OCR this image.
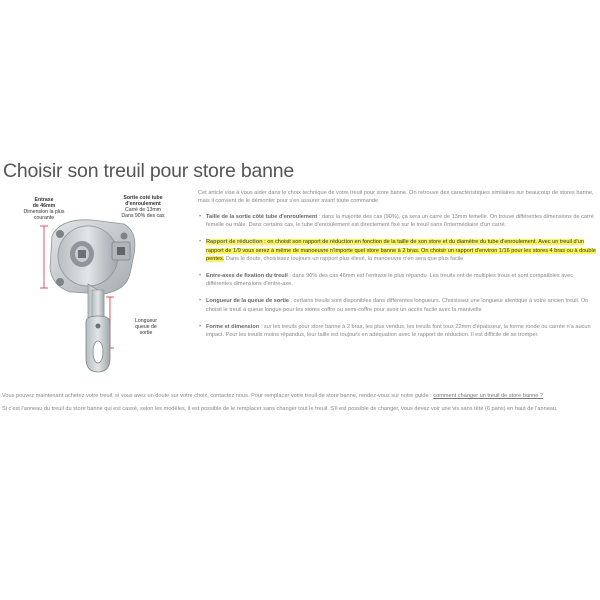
Choisir son treuil pour store banne
Entraxe
de 46mm
Dimension la plus
courante
Sortie coté tube
d'enroulement
Carré de 13mm
Dans 90% des cas
Longueur
queue de
sortie

Cet article vise à vous aider dans le choix technique de votre treuil pour store banne. On retrouve des caractéristiques similaires sur beaucoup de stores banne, mais il convient de le démonter pour s'en assurer avant toute commande

• Taille de la sortie côté tube d'enroulement : dans la majorité des cas (90%), ça sera un carré de 13mm femelle. On trouve différentes dimensions de carré femelle ou mâle. Dans certains cas, le tube d'enroulement est directement fixé sur le treuil sans l'intermédiaire d'un carré.
• Rapport de réduction : on choisit son rapport de réduction en fonction de la taille de son store et du diamètre du tube d'enroulement. Avec un treuil d'un rapport de 1/9 vous serez à même de manoeuvre n'importe quel store banne à 2 bras. On choisir un rapport d'environ 1/16 pour les stores 4 bras ou à double pentes. Dans le doute, choisissez toujours un rapport plus élevé, la manoeuvre n'en sera que plus facile
• Entre-axes de fixation du treuil : dans 90% des cas 46mm est l'entraxe le plus répandu. Les treuils ont de multiples trous et sont compatibles avec différentes dimensions d'entre-axe.
• Longueur de la queue de sortie : certains treuils sont disponibles dans différentes longueurs. Choisissez une longueur identique à votre ancien treuil. On choisit le treuil à queue longue pour les stores coffre ou semi-coffre pour avoir un accès facile avec la manivelle
• Forme et dimension : sur les treuils pour store banne à 2 bras, les plus vendus, les treuils font tous 22mm d'épaisseur, la forme ronde ou carrée n'a aucun impact. Pour les treuils moins répandus, leur taille est toujours en adéquation avec le rapport de réduction. Il est difficile de se tromper.

Vous pouvez maintenant achetez votre treuil, si vous avez un doute sur votre choix, contactez nous. Pour remplacer votre treuil de store banne, rendez-vous sur notre guide : comment changer un treuil de store banne ?

Si c'est l'anneau du treuil du store banne qui est cassé, selon les modèles, il est possible de le remplacer sans changer tout le treuil. S'il est possible de changer, vous devez voir une vis sans tête (6 pans) en haut de l'anneau.
